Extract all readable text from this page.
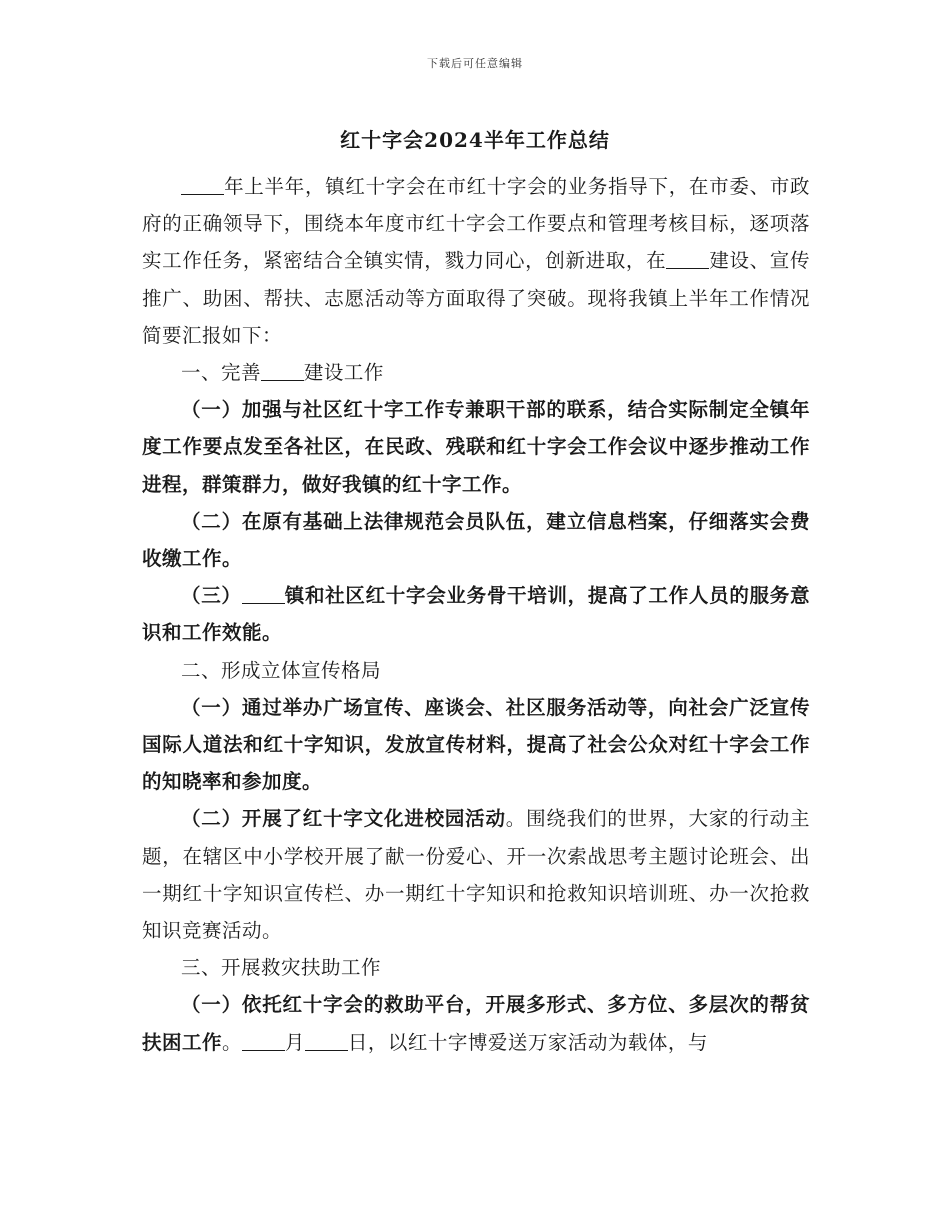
下载后可任意编辑
红十字会2024半年工作总结

年上半年，镇红十字会在市红十字会的业务指导下，在市委、市政府的正确领导下，围绕本年度市红十字会工作要点和管理考核目标，逐项落实工作任务，紧密结合全镇实情，戮力同心，创新进取，在 建设、宣传推广、助困、帮扶、志愿活动等方面取得了突破。现将我镇上半年工作情况简要汇报如下：

一、完善 建设工作

（一）加强与社区红十字工作专兼职干部的联系，结合实际制定全镇年度工作要点发至各社区，在民政、残联和红十字会工作会议中逐步推动工作进程，群策群力，做好我镇的红十字工作。

（二）在原有基础上法律规范会员队伍，建立信息档案，仔细落实会费收缴工作。

（三） 镇和社区红十字会业务骨干培训，提高了工作人员的服务意识和工作效能。

二、形成立体宣传格局

（一）通过举办广场宣传、座谈会、社区服务活动等，向社会广泛宣传国际人道法和红十字知识，发放宣传材料，提高了社会公众对红十字会工作的知晓率和参加度。

（二）开展了红十字文化进校园活动。围绕我们的世界，大家的行动主题，在辖区中小学校开展了献一份爱心、开一次索战思考主题讨论班会、出一期红十字知识宣传栏、办一期红十字知识和抢救知识培训班、办一次抢救知识竞赛活动。

三、开展救灾扶助工作

（一）依托红十字会的救助平台，开展多形式、多方位、多层次的帮贫扶困工作。 月 日，以红十字博爱送万家活动为载体，与
